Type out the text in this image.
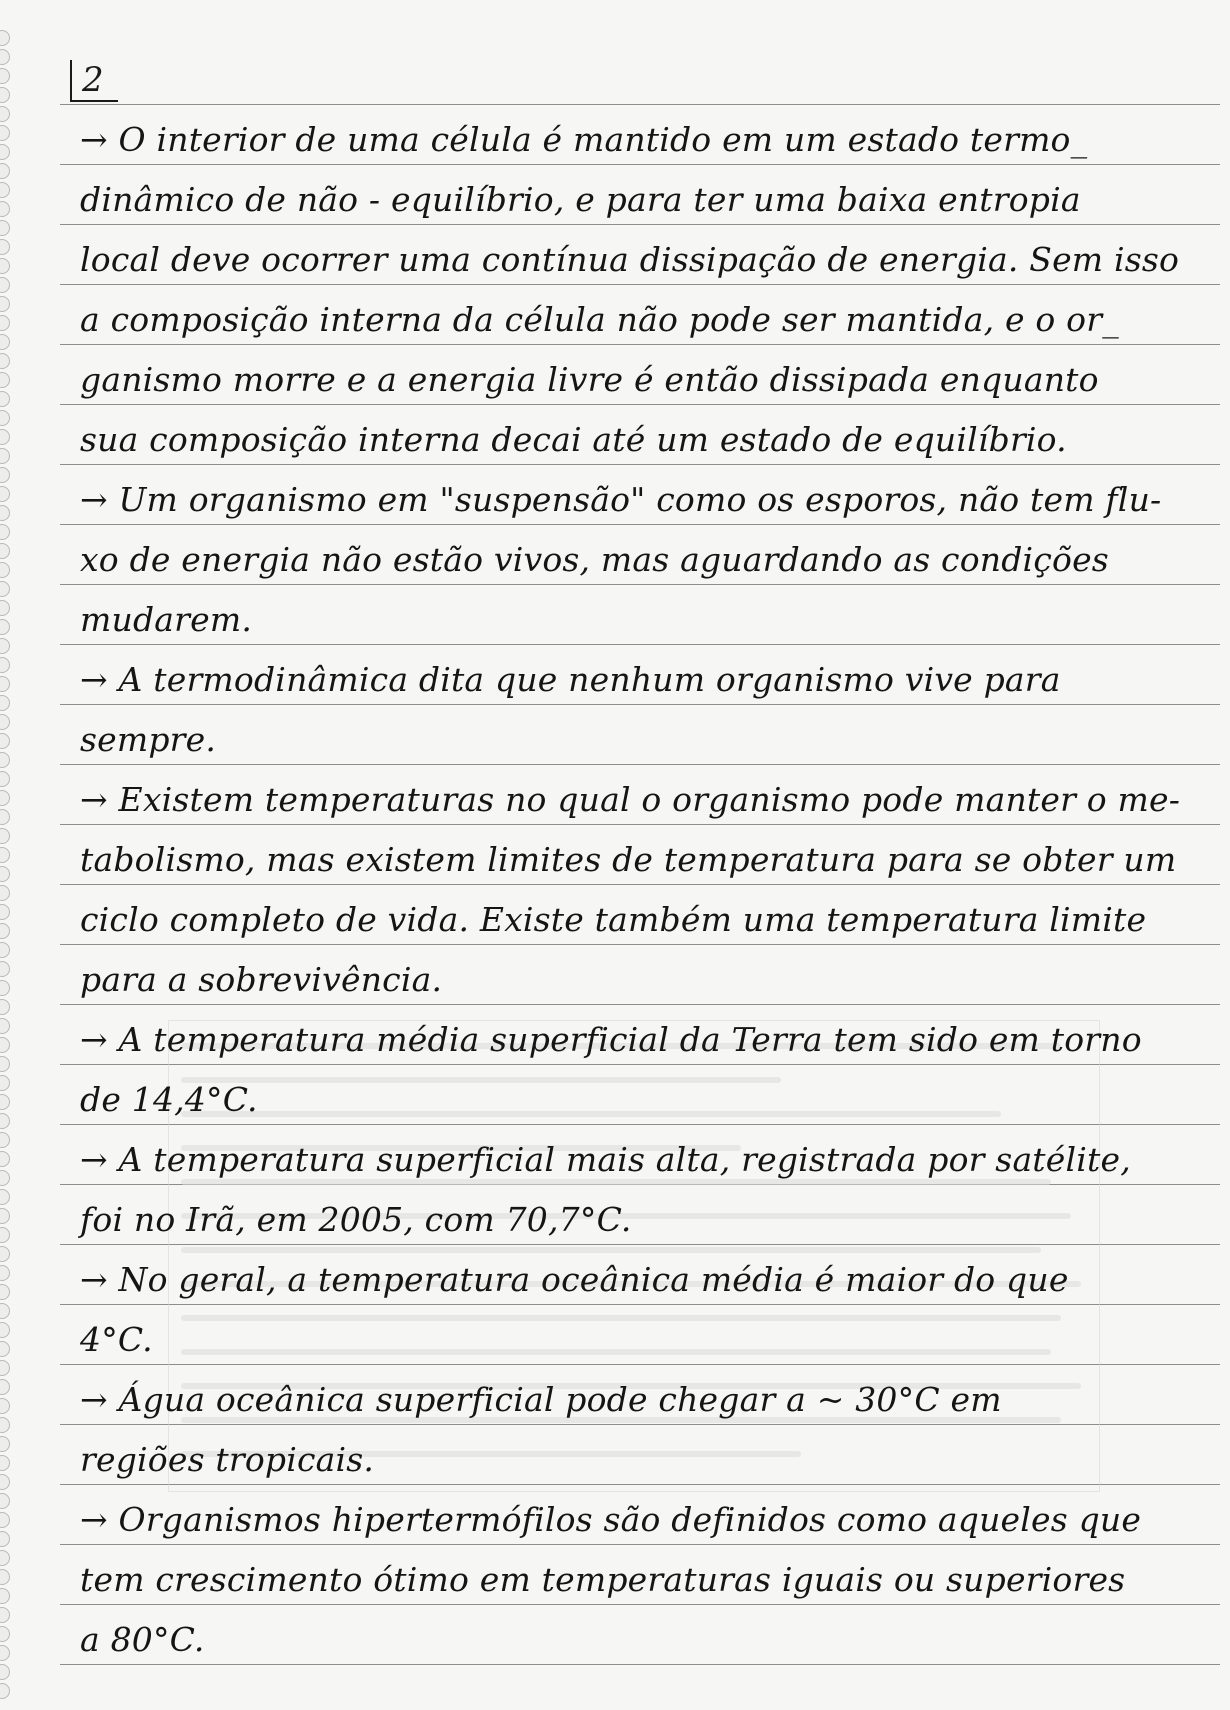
2
→ O interior de uma célula é mantido em um estado termo_
dinâmico de não - equilíbrio, e para ter uma baixa entropia
local deve ocorrer uma contínua dissipação de energia. Sem isso
a composição interna da célula não pode ser mantida, e o or_
ganismo morre e a energia livre é então dissipada enquanto
sua composição interna decai até um estado de equilíbrio.
→ Um organismo em "suspensão" como os esporos, não tem flu-
xo de energia não estão vivos, mas aguardando as condições
mudarem.
→ A termodinâmica dita que nenhum organismo vive para
sempre.
→ Existem temperaturas no qual o organismo pode manter o me-
tabolismo, mas existem limites de temperatura para se obter um
ciclo completo de vida. Existe também uma temperatura limite
para a sobrevivência.
→ A temperatura média superficial da Terra tem sido em torno
de 14,4°C.
→ A temperatura superficial mais alta, registrada por satélite,
foi no Irã, em 2005, com 70,7°C.
→ No geral, a temperatura oceânica média é maior do que
4°C.
→ Água oceânica superficial pode chegar a ~ 30°C em
regiões tropicais.
→ Organismos hipertermófilos são definidos como aqueles que
tem crescimento ótimo em temperaturas iguais ou superiores
a 80°C.
